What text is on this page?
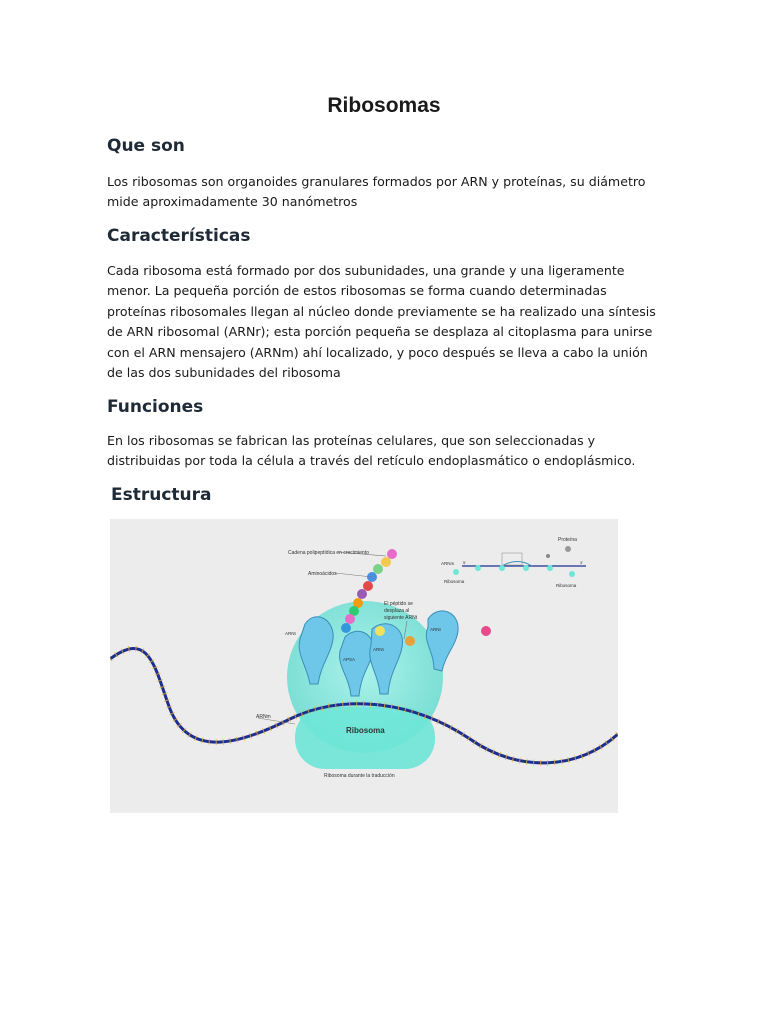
Ribosomas
Que son

Los ribosomas son organoides granulares formados por ARN y proteínas, su diámetro mide aproximadamente 30 nanómetros

Características

Cada ribosoma está formado por dos subunidades, una grande y una ligeramente menor. La pequeña porción de estos ribosomas se forma cuando determinadas proteínas ribosomales llegan al núcleo donde previamente se ha realizado una síntesis de ARN ribosomal (ARNr); esta porción pequeña se desplaza al citoplasma para unirse con el ARN mensajero (ARNm) ahí localizado, y poco después se lleva a cabo la unión de las dos subunidades del ribosoma

Funciones

En los ribosomas se fabrican las proteínas celulares, que son seleccionadas y distribuidas por toda la célula a través del retículo endoplasmático o endoplásmico.

Estructura
Cadena polipeptídica en crecimiento
Aminoácidos
El péptido se
desplaza al
siguiente ARNt
ARNt
ARNt
APSA
ARNt
ARNm
Ribosoma
Ribosoma durante la traducción
Proteína
ARNm
Ribosoma
Ribosoma
5'	3'
